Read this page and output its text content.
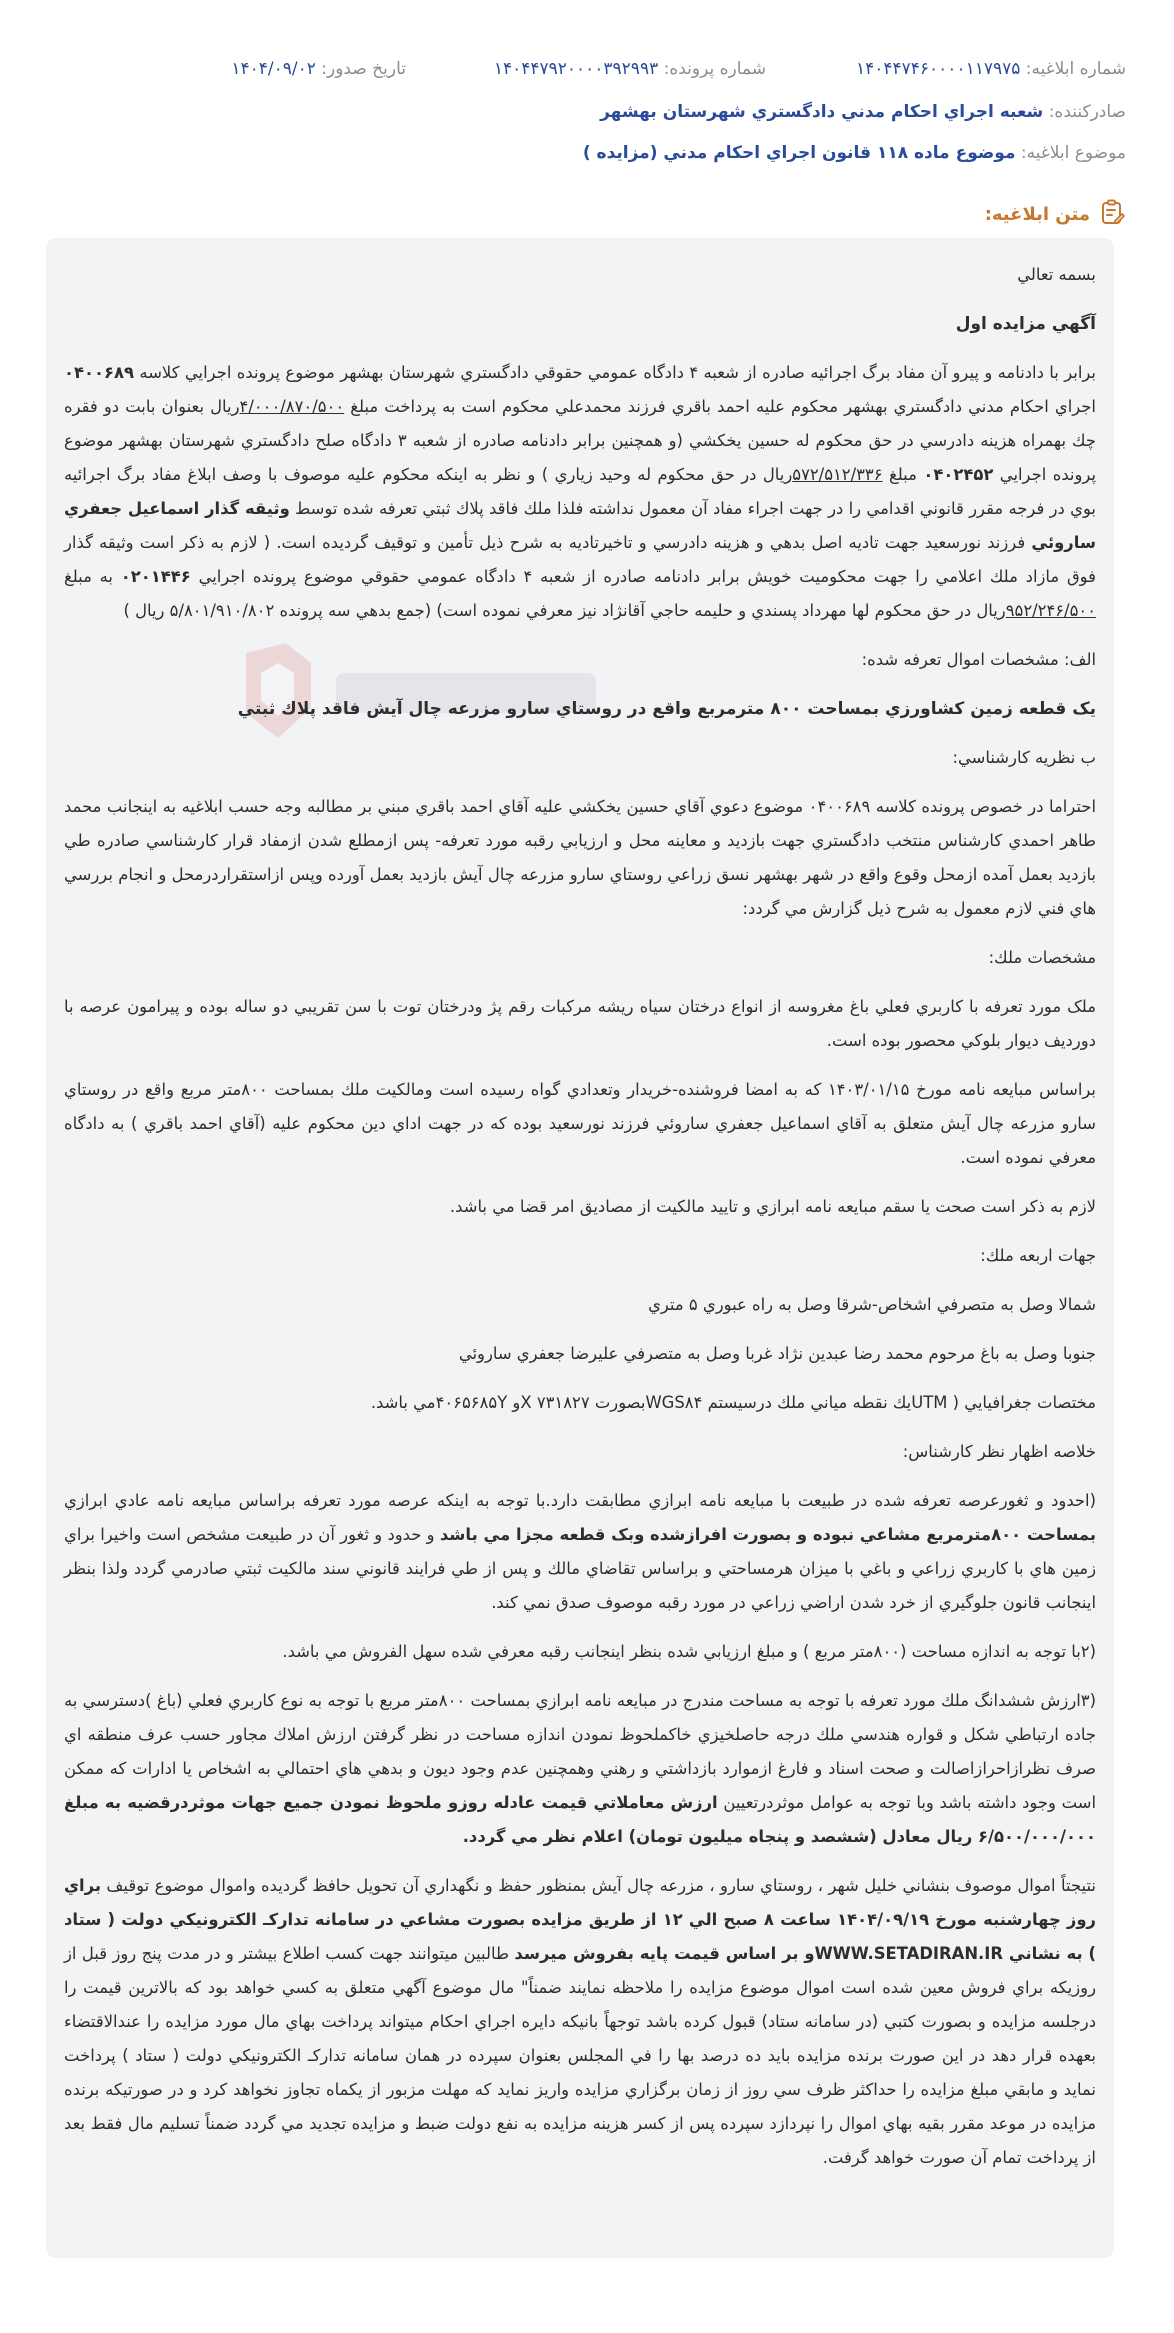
شماره ابلاغیه: ۱۴۰۴۴۷۴۶۰۰۰۰۱۱۷۹۷۵
شماره پرونده: ۱۴۰۴۴۷۹۲۰۰۰۰۳۹۲۹۹۳
تاریخ صدور: ۱۴۰۴/۰۹/۰۲
صادرکننده: شعبه اجراي احكام مدني دادگستري شهرستان بهشهر
موضوع ابلاغیه: موضوع ماده ۱۱۸ قانون اجراي احكام مدني (مزايده )
متن ابلاغیه:

بسمه تعالي

آگهي مزايده اول

برابر با دادنامه و پيرو آن مفاد برگ اجرائيه صادره از شعبه ۴ دادگاه عمومي حقوقي دادگستري شهرستان بهشهر موضوع پرونده اجرايي كلاسه ۰۴۰۰۶۸۹ اجراي احكام مدني دادگستري بهشهر محكوم عليه احمد باقري فرزند محمدعلي محكوم است به پرداخت مبلغ ۴/۰۰۰/۸۷۰/۵۰۰ريال بعنوان بابت دو فقره چك بهمراه هزينه دادرسي در حق محكوم له حسين يخكشي (و همچنين برابر دادنامه صادره از شعبه ۳ دادگاه صلح دادگستري شهرستان بهشهر موضوع پرونده اجرايي ۰۴۰۲۴۵۲ مبلغ ۵۷۲/۵۱۲/۳۳۶ريال در حق محكوم له وحيد زياري ) و نظر به اينكه محكوم عليه موصوف با وصف ابلاغ مفاد برگ اجرائيه بوي در فرجه مقرر قانوني اقدامي را در جهت اجراء مفاد آن معمول نداشته فلذا ملك فاقد پلاك ثبتي تعرفه شده توسط وثيقه گذار اسماعيل جعفري ساروئي فرزند نورسعيد جهت تاديه اصل بدهي و هزينه دادرسي و تاخيرتاديه به شرح ذيل تأمين و توقيف گرديده است. ( لازم به ذكر است وثيقه گذار فوق مازاد ملك اعلامي را جهت محكوميت خويش برابر دادنامه صادره از شعبه ۴ دادگاه عمومي حقوقي موضوع پرونده اجرايي ۰۲۰۱۴۴۶ به مبلغ ۹۵۲/۲۴۶/۵۰۰ريال در حق محكوم لها مهرداد پسندي و حليمه حاجي آقانژاد نيز معرفي نموده است) (جمع بدهي سه پرونده ۵/۸۰۱/۹۱۰/۸۰۲ ريال )

الف: مشخصات اموال تعرفه شده:

يک قطعه زمين كشاورزي بمساحت ۸۰۰ مترمربع واقع در روستاي سارو مزرعه چال آيش فاقد پلاك ثبتي

ب نظريه كارشناسي:

احتراما در خصوص پرونده كلاسه ۰۴۰۰۶۸۹ موضوع دعوي آقاي حسين يخكشي عليه آقاي احمد باقري مبني بر مطالبه وجه حسب ابلاغيه به اينجانب محمد طاهر احمدي كارشناس منتخب دادگستري جهت بازديد و معاينه محل و ارزيابي رقبه مورد تعرفه- پس ازمطلع شدن ازمفاد قرار كارشناسي صادره طي بازديد بعمل آمده ازمحل وقوع واقع در شهر بهشهر نسق زراعي روستاي سارو مزرعه چال آيش بازديد بعمل آورده وپس ازاستقراردرمحل و انجام بررسي هاي فني لازم معمول به شرح ذيل گزارش مي گردد:

مشخصات ملك:

ملک مورد تعرفه با كاربري فعلي باغ مغروسه از انواع درختان سياه ريشه مركبات رقم پژ ودرختان توت با سن تقريبي دو ساله بوده و پيرامون عرصه با دورديف ديوار بلوكي محصور بوده است.

براساس مبايعه نامه مورخ ۱۴۰۳/۰۱/۱۵ كه به امضا فروشنده-خريدار وتعدادي گواه رسيده است ومالكيت ملك بمساحت ۸۰۰متر مربع واقع در روستاي سارو مزرعه چال آيش متعلق به آقاي اسماعيل جعفري ساروئي فرزند نورسعيد بوده كه در جهت اداي دين محكوم عليه (آقاي احمد باقري ) به دادگاه معرفي نموده است.

لازم به ذكر است صحت يا سقم مبايعه نامه ابرازي و تاييد مالكيت از مصاديق امر قضا مي باشد.

جهات اربعه ملك:

شمالا وصل به متصرفي اشخاص-شرقا وصل به راه عبوري ۵ متري

جنوبا وصل به باغ مرحوم محمد رضا عبدين نژاد غربا وصل به متصرفي عليرضا جعفري ساروئي

مختصات جغرافيايي ( UTMيك نقطه مياني ملك درسيستم WGS۸۴بصورت ۷۳۱۸۲۷ Xو ۴۰۶۵۶۸۵Yمي باشد.

خلاصه اظهار نظر كارشناس:

(احدود و ثغورعرصه تعرفه شده در طبيعت با مبايعه نامه ابرازي مطابقت دارد.با توجه به اينكه عرصه مورد تعرفه براساس مبايعه نامه عادي ابرازي بمساحت ۸۰۰مترمربع مشاعي نبوده و بصورت افرازشده وبک قطعه مجزا مي باشد و حدود و ثغور آن در طبيعت مشخص است واخيرا براي زمين هاي با كاربري زراعي و باغي با ميزان هرمساحتي و براساس تقاضاي مالك و پس از طي فرايند قانوني سند مالكيت ثبتي صادرمي گردد ولذا بنظر اينجانب قانون جلوگيري از خرد شدن اراضي زراعي در مورد رقبه موصوف صدق نمي كند.

(۲با توجه به اندازه مساحت (۸۰۰متر مربع ) و مبلغ ارزيابي شده بنظر اينجانب رقبه معرفي شده سهل الفروش مي باشد.

(۳ارزش ششدانگ ملك مورد تعرفه با توجه به مساحت مندرج در مبايعه نامه ابرازي بمساحت ۸۰۰متر مربع با توجه به نوع كاربري فعلي (باغ )دسترسي به جاده ارتباطي شكل و قواره هندسي ملك درجه حاصلخيزي خاكملحوظ نمودن اندازه مساحت در نظر گرفتن ارزش املاك مجاور حسب عرف منطقه اي صرف نظرازاحرازاصالت و صحت اسناد و فارغ ازموارد بازداشتي و رهني وهمچنين عدم وجود ديون و بدهي هاي احتمالي به اشخاص يا ادارات كه ممكن است وجود داشته باشد وبا توجه به عوامل موثردرتعيين ارزش معاملاتي قيمت عادله روزو ملحوظ نمودن جميع جهات موثردرقضيه به مبلغ ۶/۵۰۰/۰۰۰/۰۰۰ ريال معادل (ششصد و پنجاه ميليون تومان) اعلام نظر مي گردد.

نتيجتاً اموال موصوف بنشاني خليل شهر ، روستاي سارو ، مزرعه چال آيش بمنظور حفظ و نگهداري آن تحويل حافظ گرديده واموال موضوع توقيف براي روز چهارشنبه مورخ ۱۴۰۴/۰۹/۱۹ ساعت ۸ صبح الي ۱۲ از طريق مزايده بصورت مشاعي در سامانه تداركـ الكترونيكي دولت ( ستاد ) به نشاني WWW.SETADIRAN.IRو بر اساس قيمت پايه بفروش ميرسد طالبين ميتوانند جهت كسب اطلاع بيشتر و در مدت پنج روز قبل از روزيكه براي فروش معين شده است اموال موضوع مزايده را ملاحظه نمايند ضمناً" مال موضوع آگهي متعلق به كسي خواهد بود كه بالاترين قيمت را درجلسه مزايده و بصورت كتبي (در سامانه ستاد) قبول كرده باشد توجهاً بانيكه دايره اجراي احكام ميتواند پرداخت بهاي مال مورد مزايده را عندالاقتضاء بعهده قرار دهد در اين صورت برنده مزايده بايد ده درصد بها را في المجلس بعنوان سپرده در همان سامانه تداركـ الكترونيكي دولت ( ستاد ) پرداخت نمايد و مابقي مبلغ مزايده را حداكثر ظرف سي روز از زمان برگزاري مزايده واريز نمايد كه مهلت مزبور از يكماه تجاوز نخواهد كرد و در صورتيكه برنده مزايده در موعد مقرر بقيه بهاي اموال را نپردازد سپرده پس از كسر هزينه مزايده به نفع دولت ضبط و مزايده تجديد مي گردد ضمناً تسليم مال فقط بعد از پرداخت تمام آن صورت خواهد گرفت.
